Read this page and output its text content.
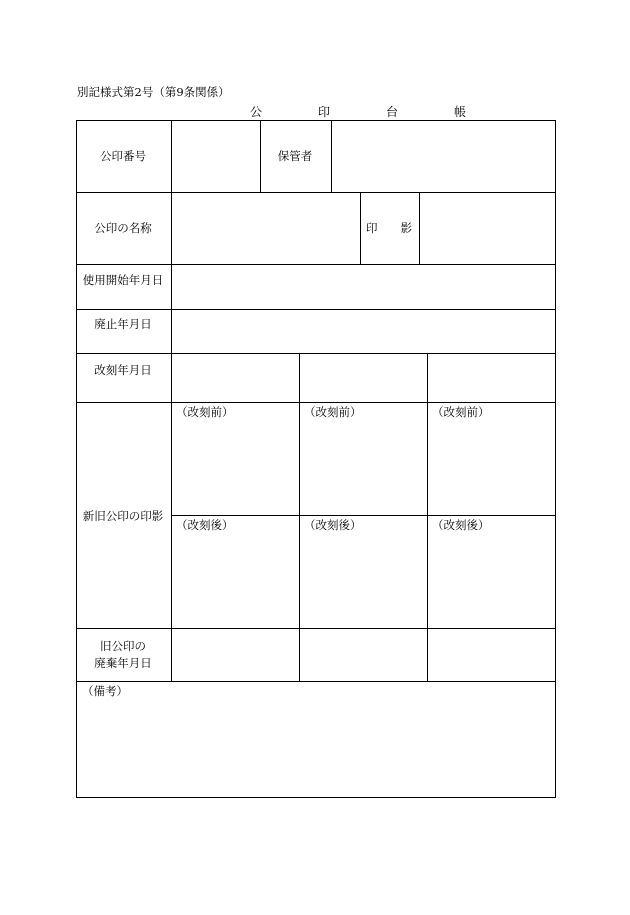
別記様式第2号（第9条関係）
公　印　台　帳
公印番号	保管者
公印の名称	印　　影
使用開始年月日
廃止年月日
改刻年月日
新旧公印の印影
（改刻前）	（改刻前）	（改刻前）
（改刻後）	（改刻後）	（改刻後）
旧公印の
廃棄年月日
（備考）
